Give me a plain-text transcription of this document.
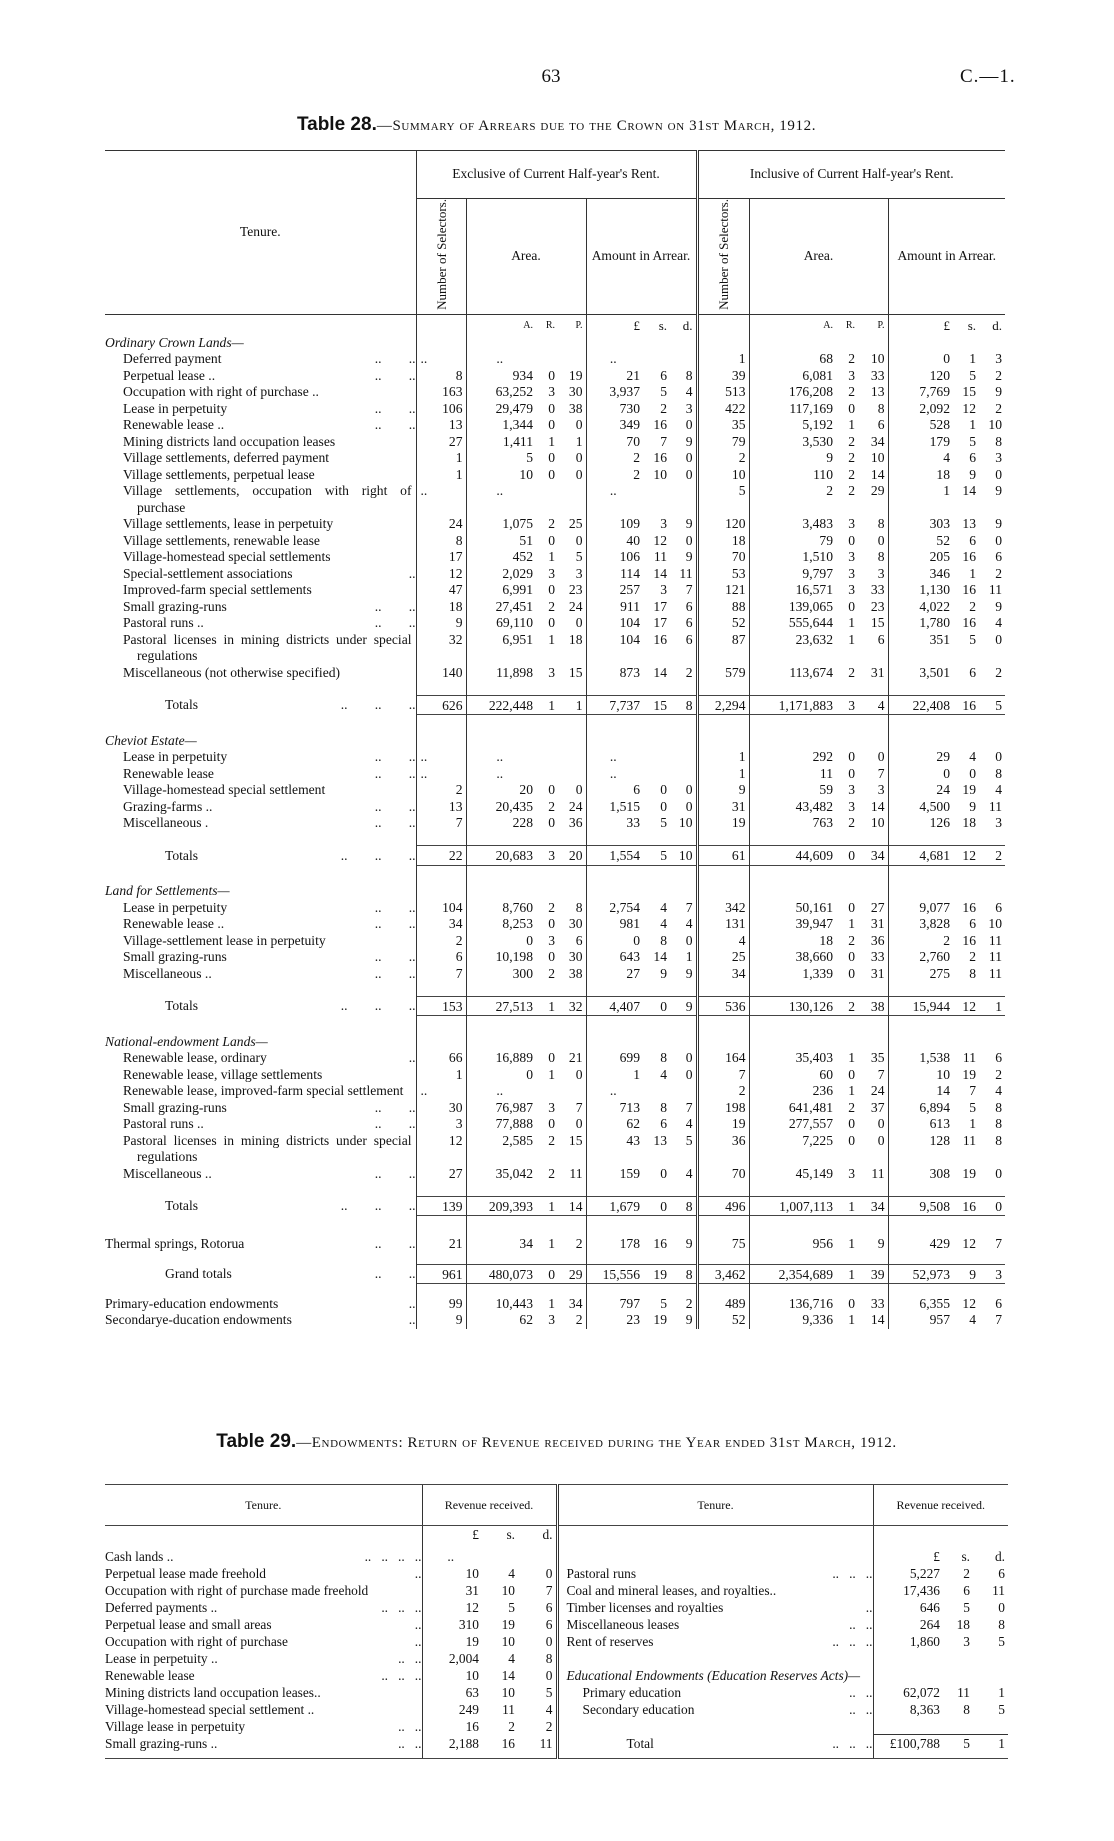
63	C.—1.
Table 28.—Summary of Arrears due to the Crown on 31st March, 1912.
Tenure.	Exclusive of Current Half-year's Rent.							Inclusive of Current Half-year's Rent.						
	Number of Selectors.	Area.			Amount in Arrear.			Number of Selectors.	Area.			Amount in Arrear.		
		A.	R.	P.	£	s.	d.		A.	R.	P.	£	s.	d.
Ordinary Crown Lands—														

Deferred payment ..        ..	..	..			..			1	68	2	10	0	1	3

Perpetual lease .. ..        ..	8	934	0	19	21	6	8	39	6,081	3	33	120	5	2

Occupation with right of purchase ..	163	63,252	3	30	3,937	5	4	513	176,208	2	13	7,769	15	9

Lease in perpetuity ..        ..	106	29,479	0	38	730	2	3	422	117,169	0	8	2,092	12	2

Renewable lease .. ..        ..	13	1,344	0	0	349	16	0	35	5,192	1	6	528	1	10

Mining districts land occupation leases	27	1,411	1	1	70	7	9	79	3,530	2	34	179	5	8

Village settlements, deferred payment	1	5	0	0	2	16	0	2	9	2	10	4	6	3

Village settlements, perpetual lease	1	10	0	0	2	10	0	10	110	2	14	18	9	0

Village settlements, occupation with right of purchase	..	..			..			5	2	2	29	1	14	9

Village settlements, lease in perpetuity	24	1,075	2	25	109	3	9	120	3,483	3	8	303	13	9

Village settlements, renewable lease	8	51	0	0	40	12	0	18	79	0	0	52	6	0

Village-homestead special settlements	17	452	1	5	106	11	9	70	1,510	3	8	205	16	6

Special-settlement associations ..	12	2,029	3	3	114	14	11	53	9,797	3	3	346	1	2

Improved-farm special settlements	47	6,991	0	23	257	3	7	121	16,571	3	33	1,130	16	11

Small grazing-runs ..        ..	18	27,451	2	24	911	17	6	88	139,065	0	23	4,022	2	9

Pastoral runs .. ..        ..	9	69,110	0	0	104	17	6	52	555,644	1	15	1,780	16	4

Pastoral licenses in mining districts under special regulations	32	6,951	1	18	104	16	6	87	23,632	1	6	351	5	0

Miscellaneous (not otherwise specified)	140	11,898	3	15	873	14	2	579	113,674	2	31	3,501	6	2

Totals ..        ..        ..	626	222,448	1	1	7,737	15	8	2,294	1,171,883	3	4	22,408	16	5

Cheviot Estate—														

Lease in perpetuity ..        ..	..	..			..			1	292	0	0	29	4	0

Renewable lease ..        ..	..	..			..			1	11	0	7	0	0	8

Village-homestead special settlement	2	20	0	0	6	0	0	9	59	3	3	24	19	4

Grazing-farms .. ..        ..	13	20,435	2	24	1,515	0	0	31	43,482	3	14	4,500	9	11

Miscellaneous . ..        ..	7	228	0	36	33	5	10	19	763	2	10	126	18	3

Totals ..        ..        ..	22	20,683	3	20	1,554	5	10	61	44,609	0	34	4,681	12	2

Land for Settlements—														

Lease in perpetuity ..        ..	104	8,760	2	8	2,754	4	7	342	50,161	0	27	9,077	16	6

Renewable lease .. ..        ..	34	8,253	0	30	981	4	4	131	39,947	1	31	3,828	6	10

Village-settlement lease in perpetuity	2	0	3	6	0	8	0	4	18	2	36	2	16	11

Small grazing-runs ..        ..	6	10,198	0	30	643	14	1	25	38,660	0	33	2,760	2	11

Miscellaneous .. ..        ..	7	300	2	38	27	9	9	34	1,339	0	31	275	8	11

Totals ..        ..        ..	153	27,513	1	32	4,407	0	9	536	130,126	2	38	15,944	12	1

National-endowment Lands—														

Renewable lease, ordinary ..	66	16,889	0	21	699	8	0	164	35,403	1	35	1,538	11	6

Renewable lease, village settlements	1	0	1	0	1	4	0	7	60	0	7	10	19	2

Renewable lease, improved-farm special settlement	..	..			..			2	236	1	24	14	7	4

Small grazing-runs ..        ..	30	76,987	3	7	713	8	7	198	641,481	2	37	6,894	5	8

Pastoral runs .. ..        ..	3	77,888	0	0	62	6	4	19	277,557	0	0	613	1	8

Pastoral licenses in mining districts under special regulations	12	2,585	2	15	43	13	5	36	7,225	0	0	128	11	8

Miscellaneous .. ..        ..	27	35,042	2	11	159	0	4	70	45,149	3	11	308	19	0

Totals ..        ..        ..	139	209,393	1	14	1,679	0	8	496	1,007,113	1	34	9,508	16	0

Thermal springs, Rotorua ..        ..	21	34	1	2	178	16	9	75	956	1	9	429	12	7

Grand totals ..        ..	961	480,073	0	29	15,556	19	8	3,462	2,354,689	1	39	52,973	9	3

Primary-education endowments ..	99	10,443	1	34	797	5	2	489	136,716	0	33	6,355	12	6

Secondarye-ducation endowments ..	9	62	3	2	23	19	9	52	9,336	1	14	957	4	7
Table 29.—Endowments: Return of Revenue received during the Year ended 31st March, 1912.
Tenure.	Revenue received.			Tenure.	Revenue received.		
	£	s.	d.				

Cash lands .. ..   ..   ..   ..	..				£	s.	d.

Perpetual lease made freehold ..	10	4	0	Pastoral runs ..   ..   ..	5,227	2	6

Occupation with right of purchase made freehold	31	10	7	Coal and mineral leases, and royalties..	17,436	6	11

Deferred payments .. ..   ..   ..	12	5	6	Timber licenses and royalties ..	646	5	0

Perpetual lease and small areas ..	310	19	6	Miscellaneous leases ..   ..	264	18	8

Occupation with right of purchase ..	19	10	0	Rent of reserves ..   ..   ..	1,860	3	5

Lease in perpetuity .. ..   ..	2,004	4	8	

Renewable lease ..   ..   ..	10	14	0	Educational Endowments (Education Reserves Acts)—			

Mining districts land occupation leases..	63	10	5	Primary education ..   ..	62,072	11	1

Village-homestead special settlement ..	249	11	4	Secondary education ..   ..	8,363	8	5

Village lease in perpetuity ..   ..	16	2	2	

Small grazing-runs .. ..   ..	2,188	16	11	Total ..   ..   ..	£100,788	5	1
